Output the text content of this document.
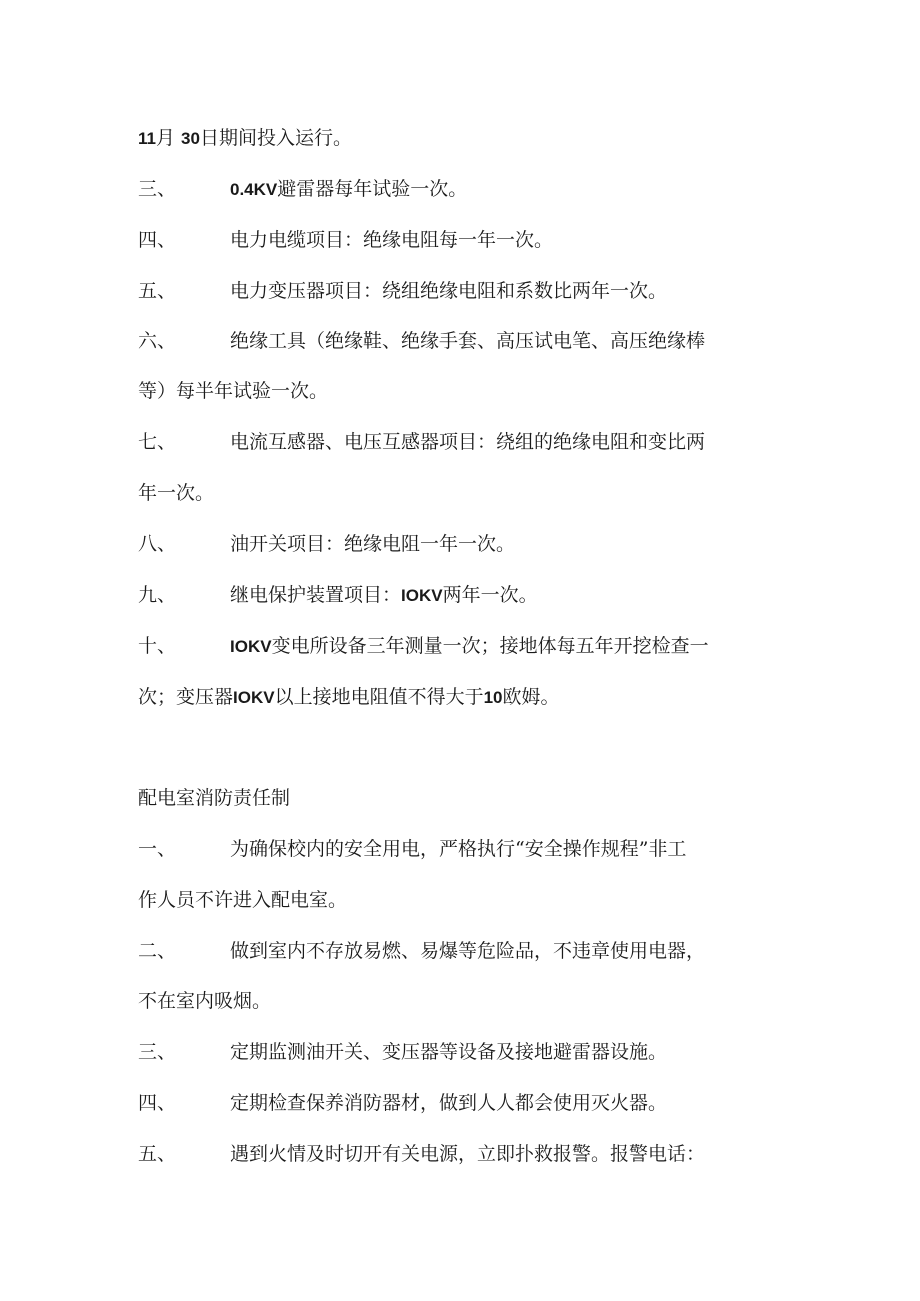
11月 30日期间投入运行。
三、	0.4KV避雷器每年试验一次。
四、	电力电缆项目：绝缘电阻每一年一次。
五、	电力变压器项目：绕组绝缘电阻和系数比两年一次。
六、	绝缘工具（绝缘鞋、绝缘手套、高压试电笔、高压绝缘棒
等）每半年试验一次。
七、	电流互感器、电压互感器项目：绕组的绝缘电阻和变比两
年一次。
八、	油开关项目：绝缘电阻一年一次。
九、	继电保护装置项目：IOKV两年一次。
十、	IOKV变电所设备三年测量一次；接地体每五年开挖检查一
次；变压器IOKV以上接地电阻值不得大于10欧姆。
配电室消防责任制
一、	为确保校内的安全用电，严格执行“安全操作规程”非工
作人员不许进入配电室。
二、	做到室内不存放易燃、易爆等危险品，不违章使用电器，
不在室内吸烟。
三、	定期监测油开关、变压器等设备及接地避雷器设施。
四、	定期检查保养消防器材，做到人人都会使用灭火器。
五、	遇到火情及时切开有关电源，立即扑救报警。报警电话：
